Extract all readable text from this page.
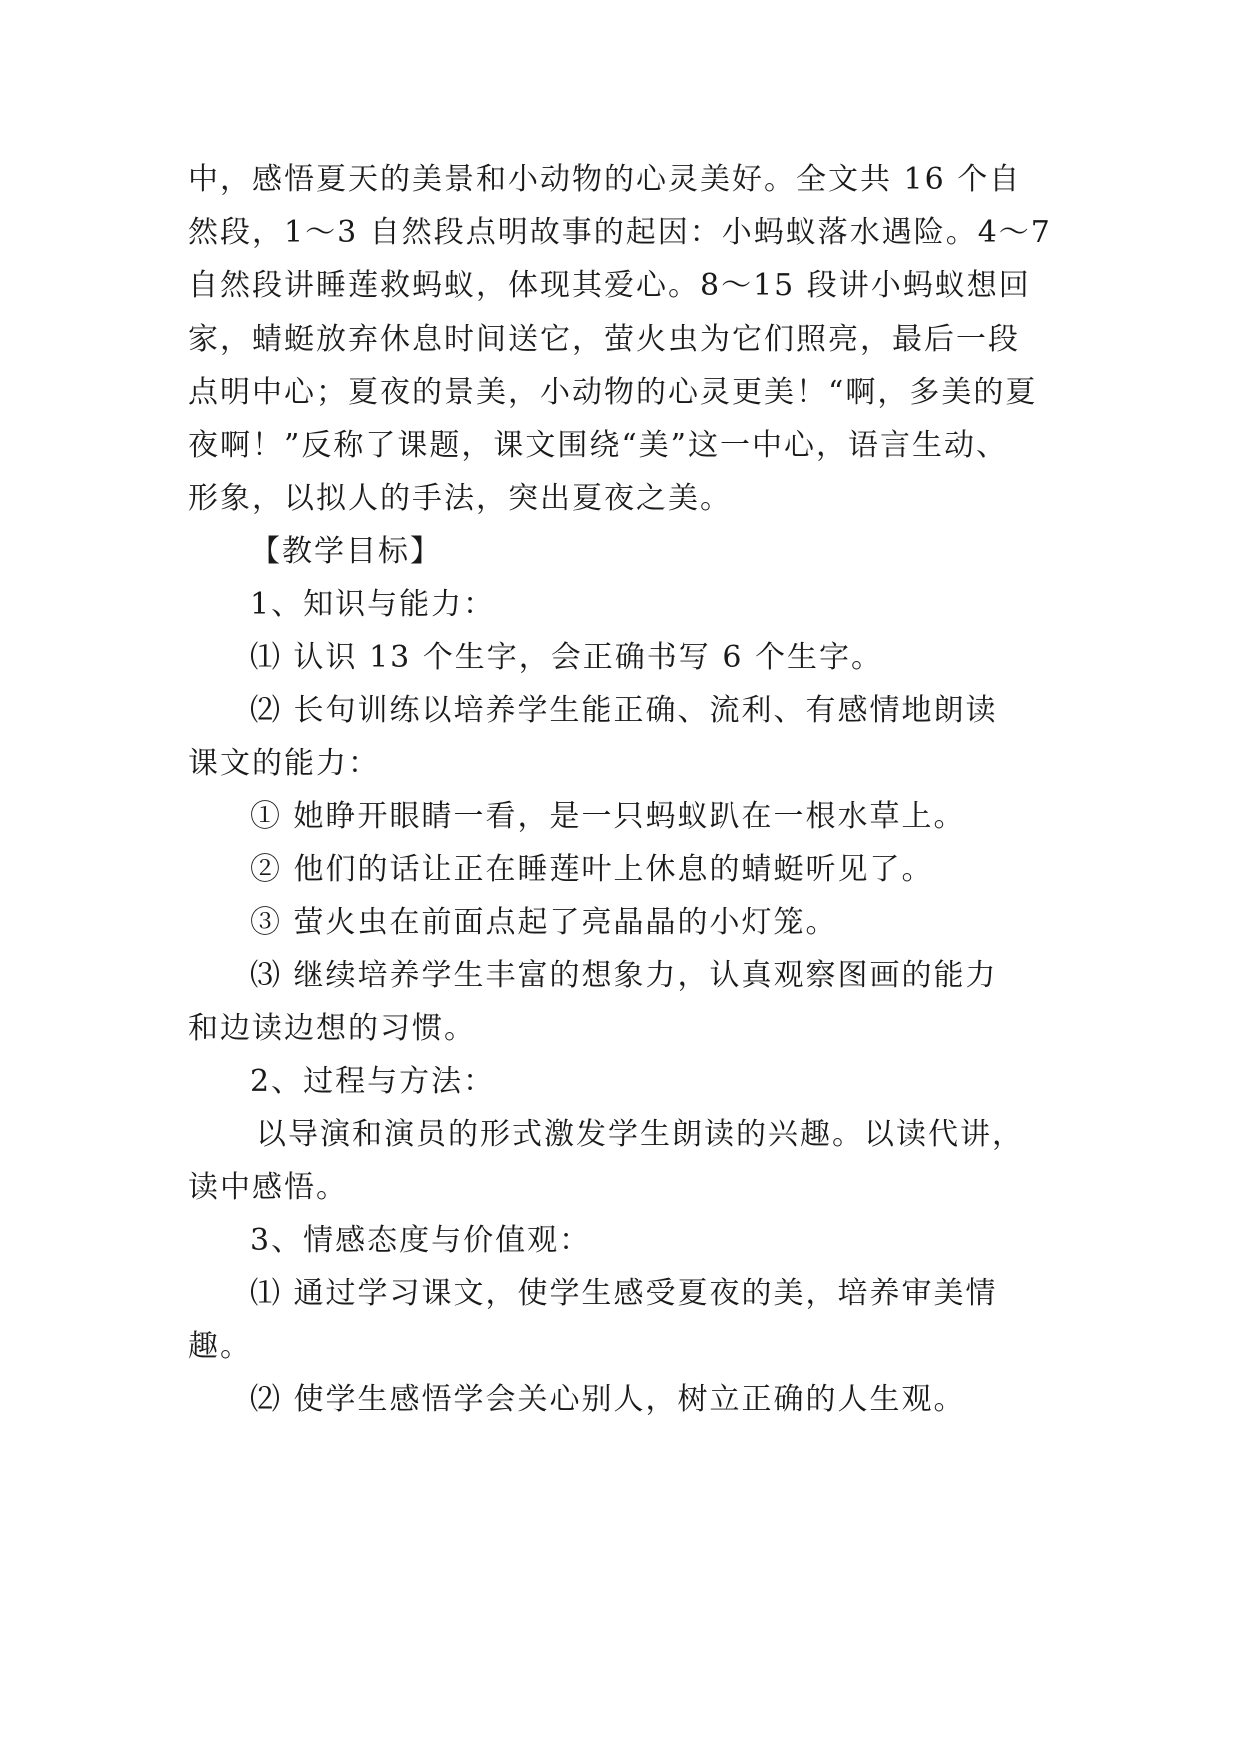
中，感悟夏天的美景和小动物的心灵美好。全文共 16 个自
然段，1～3 自然段点明故事的起因：小蚂蚁落水遇险。4～7
自然段讲睡莲救蚂蚁，体现其爱心。8～15 段讲小蚂蚁想回
家，蜻蜓放弃休息时间送它，萤火虫为它们照亮，最后一段
点明中心；夏夜的景美，小动物的心灵更美！“啊，多美的夏
夜啊！”反称了课题，课文围绕“美”这一中心，语言生动、
形象，以拟人的手法，突出夏夜之美。
【教学目标】
1、知识与能力：
⑴ 认识 13 个生字，会正确书写 6 个生字。
⑵ 长句训练以培养学生能正确、流利、有感情地朗读
课文的能力：
① 她睁开眼睛一看，是一只蚂蚁趴在一根水草上。
② 他们的话让正在睡莲叶上休息的蜻蜓听见了。
③ 萤火虫在前面点起了亮晶晶的小灯笼。
⑶ 继续培养学生丰富的想象力，认真观察图画的能力
和边读边想的习惯。
2、过程与方法：
以导演和演员的形式激发学生朗读的兴趣。以读代讲，
读中感悟。
3、情感态度与价值观：
⑴ 通过学习课文，使学生感受夏夜的美，培养审美情
趣。
⑵ 使学生感悟学会关心别人，树立正确的人生观。
